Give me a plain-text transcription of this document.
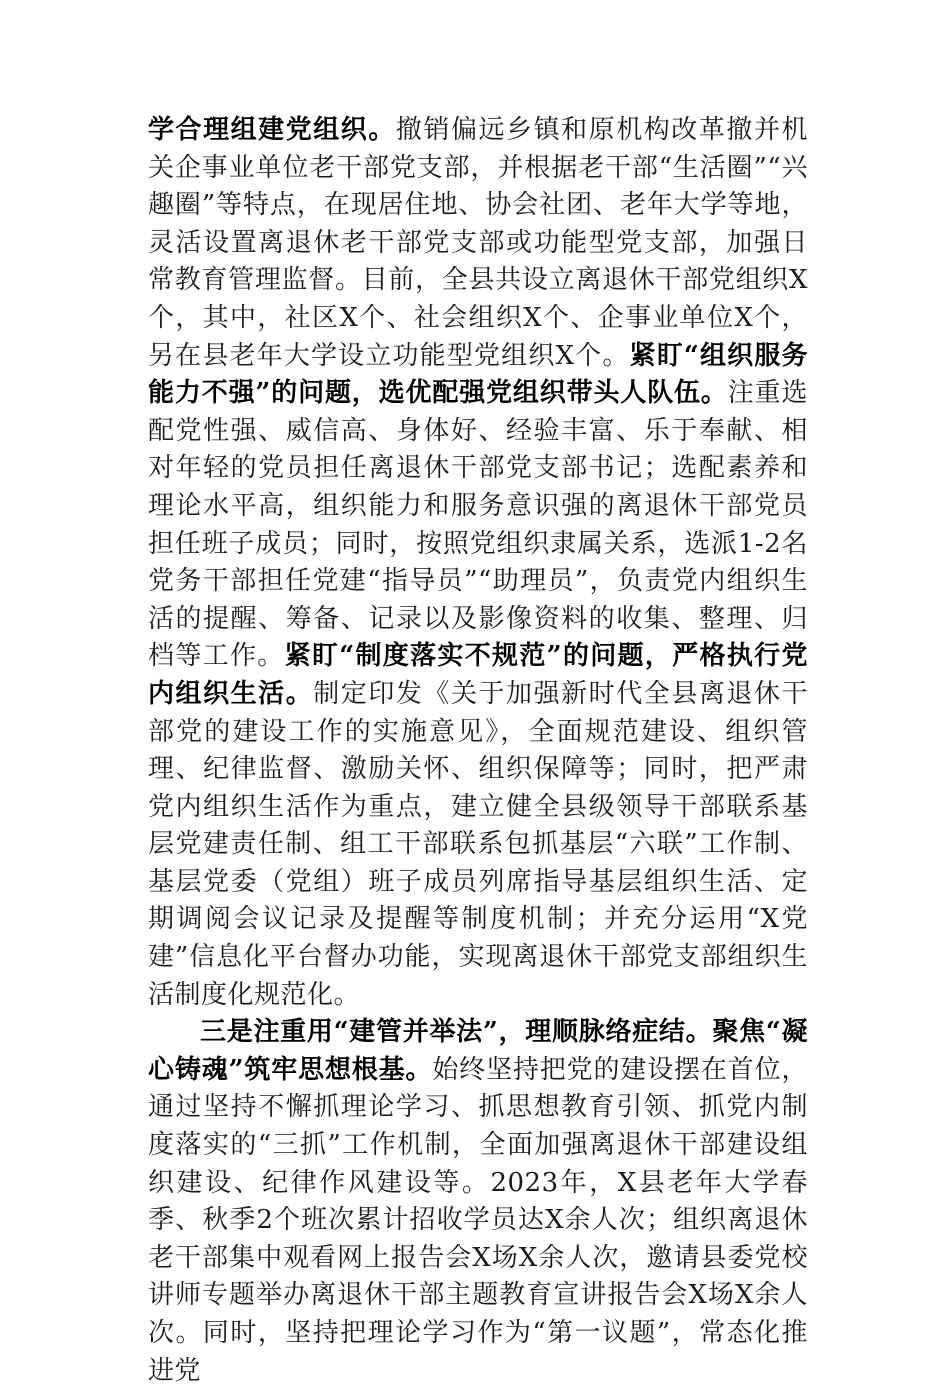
学合理组建党组织。撤销偏远乡镇和原机构改革撤并机关企事业单位老干部党支部，并根据老干部“生活圈”“兴趣圈”等特点，在现居住地、协会社团、老年大学等地，灵活设置离退休老干部党支部或功能型党支部，加强日常教育管理监督。目前，全县共设立离退休干部党组织X个，其中，社区X个、社会组织X个、企事业单位X个，另在县老年大学设立功能型党组织X个。紧盯“组织服务能力不强”的问题，选优配强党组织带头人队伍。注重选配党性强、威信高、身体好、经验丰富、乐于奉献、相对年轻的党员担任离退休干部党支部书记；选配素养和理论水平高，组织能力和服务意识强的离退休干部党员担任班子成员；同时，按照党组织隶属关系，选派1-2名党务干部担任党建“指导员”“助理员”，负责党内组织生活的提醒、筹备、记录以及影像资料的收集、整理、归档等工作。紧盯“制度落实不规范”的问题，严格执行党内组织生活。制定印发《关于加强新时代全县离退休干部党的建设工作的实施意见》，全面规范建设、组织管理、纪律监督、激励关怀、组织保障等；同时，把严肃党内组织生活作为重点，建立健全县级领导干部联系基层党建责任制、组工干部联系包抓基层“六联”工作制、基层党委（党组）班子成员列席指导基层组织生活、定期调阅会议记录及提醒等制度机制；并充分运用“X党建”信息化平台督办功能，实现离退休干部党支部组织生活制度化规范化。

三是注重用“建管并举法”，理顺脉络症结。聚焦“凝心铸魂”筑牢思想根基。始终坚持把党的建设摆在首位，通过坚持不懈抓理论学习、抓思想教育引领、抓党内制度落实的“三抓”工作机制，全面加强离退休干部建设组织建设、纪律作风建设等。2023年，X县老年大学春季、秋季2个班次累计招收学员达X余人次；组织离退休老干部集中观看网上报告会X场X余人次，邀请县委党校讲师专题举办离退休干部主题教育宣讲报告会X场X余人次。同时，坚持把理论学习作为“第一议题”，常态化推进党
